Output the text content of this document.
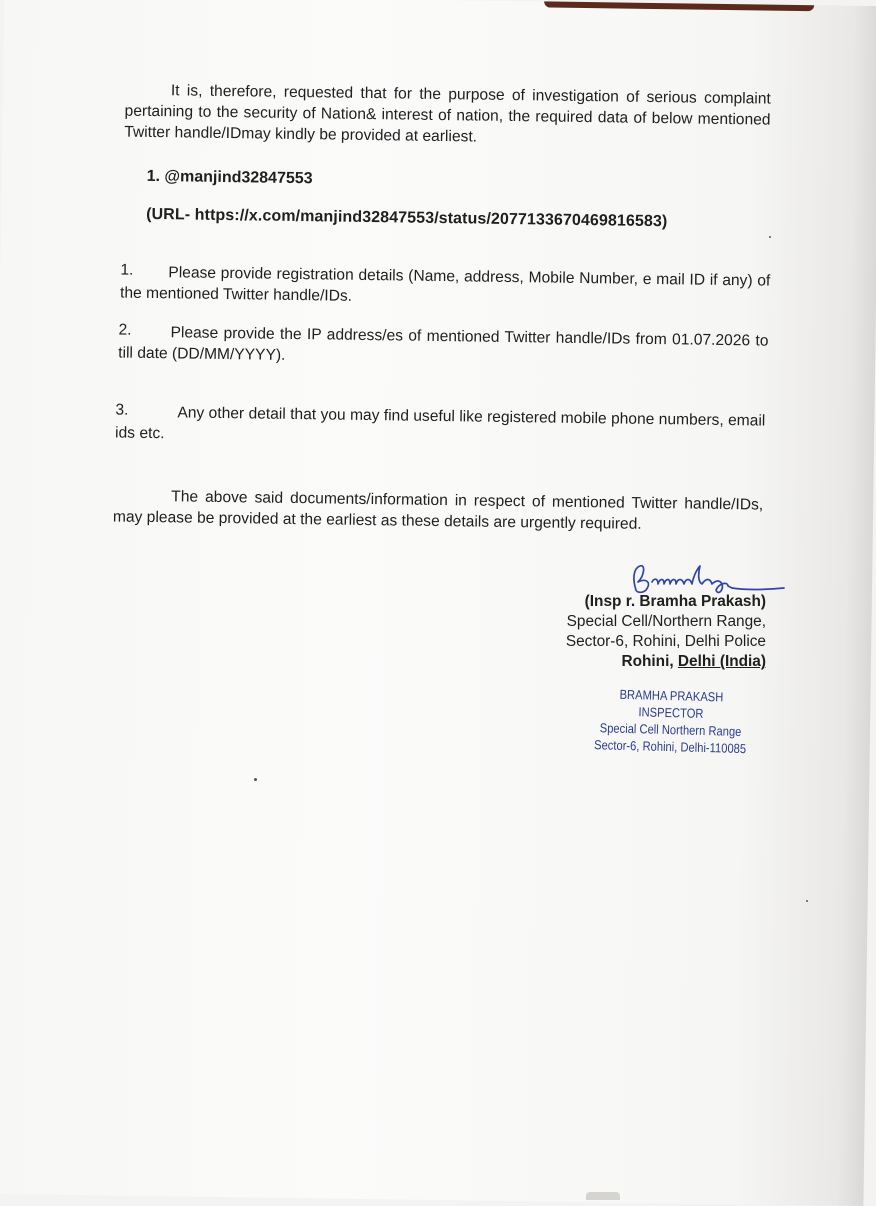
It is, therefore, requested that for the purpose of investigation of serious complaint pertaining to the security of Nation& interest of nation, the required data of below mentioned Twitter handle/IDmay kindly be provided at earliest.
1. @manjind32847553
(URL- https://x.com/manjind32847553/status/2077133670469816583)
1.	Please provide registration details (Name, address, Mobile Number, e mail ID if any) of the mentioned Twitter handle/IDs.
2.	Please provide the IP address/es of mentioned Twitter handle/IDs from 01.07.2026 to till date (DD/MM/YYYY).
3.	Any other detail that you may find useful like registered mobile phone numbers, email ids etc.
The above said documents/information in respect of mentioned Twitter handle/IDs, may please be provided at the earliest as these details are urgently required.
(Insp r. Bramha Prakash)
Special Cell/Northern Range,
Sector-6, Rohini, Delhi Police
Rohini, Delhi (India)
BRAMHA PRAKASH
INSPECTOR
Special Cell Northern Range
Sector-6, Rohini, Delhi-110085
